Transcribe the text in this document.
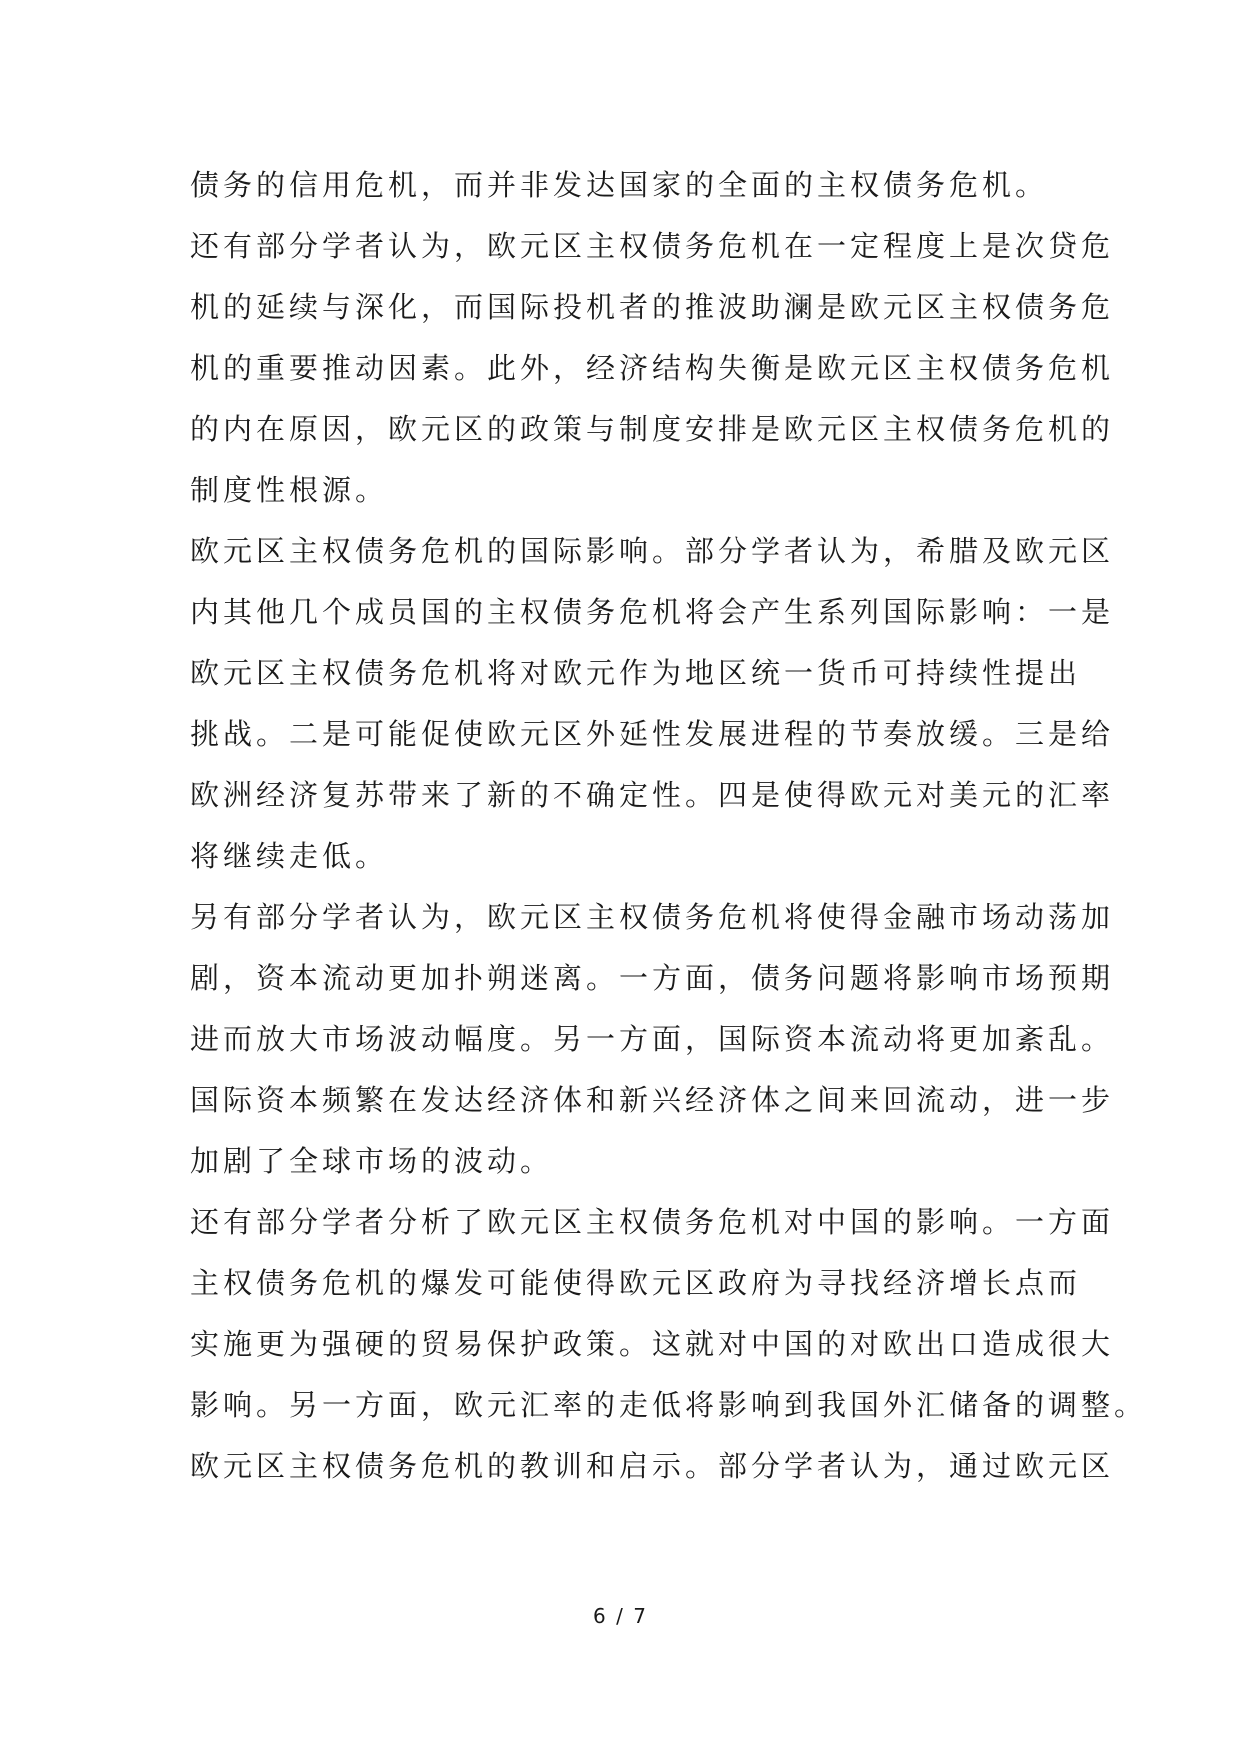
债务的信用危机，而并非发达国家的全面的主权债务危机。
还有部分学者认为，欧元区主权债务危机在一定程度上是次贷危
机的延续与深化，而国际投机者的推波助澜是欧元区主权债务危
机的重要推动因素。此外，经济结构失衡是欧元区主权债务危机
的内在原因，欧元区的政策与制度安排是欧元区主权债务危机的
制度性根源。
欧元区主权债务危机的国际影响。部分学者认为，希腊及欧元区
内其他几个成员国的主权债务危机将会产生系列国际影响：一是
欧元区主权债务危机将对欧元作为地区统一货币可持续性提出
挑战。二是可能促使欧元区外延性发展进程的节奏放缓。三是给
欧洲经济复苏带来了新的不确定性。四是使得欧元对美元的汇率
将继续走低。
另有部分学者认为，欧元区主权债务危机将使得金融市场动荡加
剧，资本流动更加扑朔迷离。一方面，债务问题将影响市场预期
进而放大市场波动幅度。另一方面，国际资本流动将更加紊乱。
国际资本频繁在发达经济体和新兴经济体之间来回流动，进一步
加剧了全球市场的波动。
还有部分学者分析了欧元区主权债务危机对中国的影响。一方面
主权债务危机的爆发可能使得欧元区政府为寻找经济增长点而
实施更为强硬的贸易保护政策。这就对中国的对欧出口造成很大
影响。另一方面，欧元汇率的走低将影响到我国外汇储备的调整。
欧元区主权债务危机的教训和启示。部分学者认为，通过欧元区
6 / 7
